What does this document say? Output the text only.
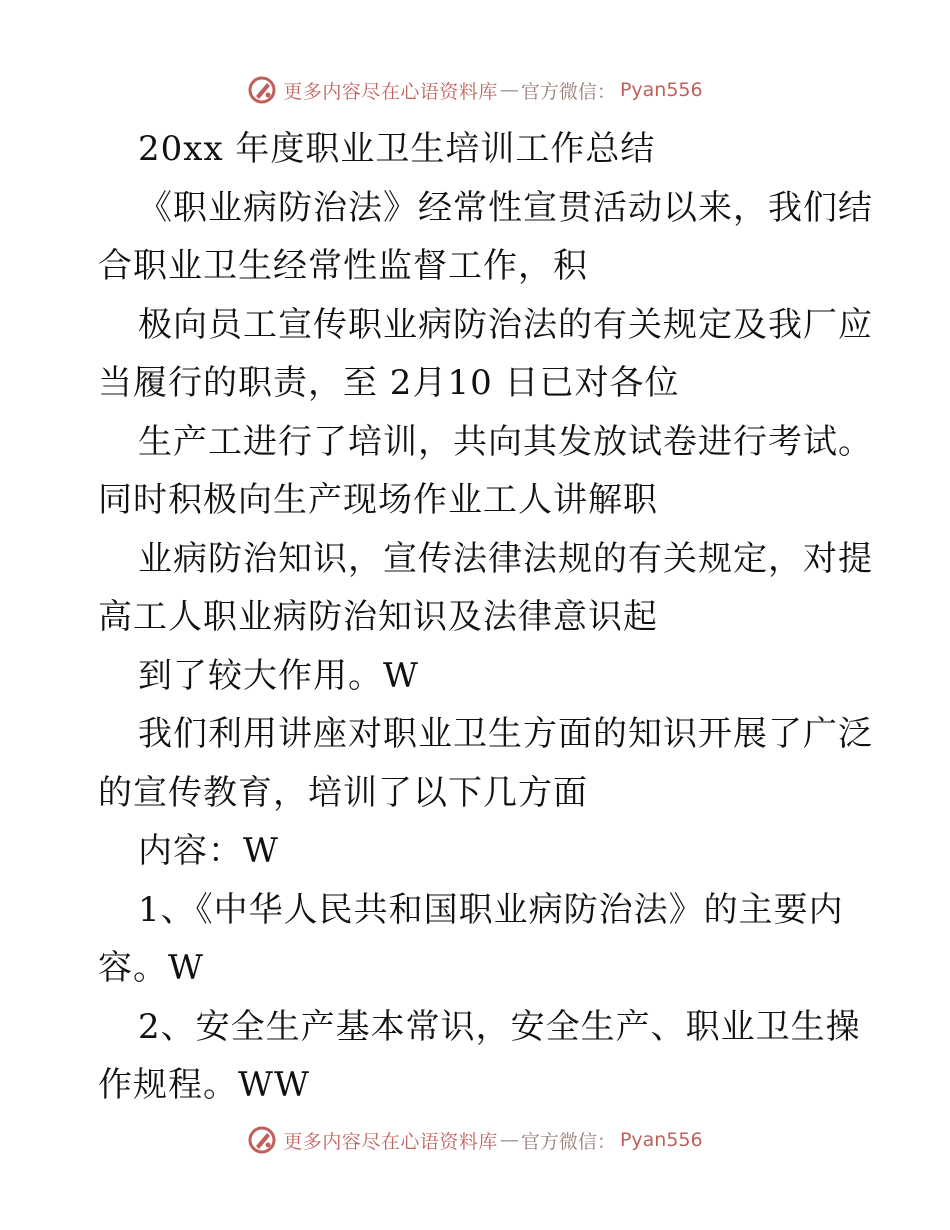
更多内容尽在心语资料库 — 官方微信： Pyan556
20xx 年度职业卫生培训工作总结
《职业病防治法》经常性宣贯活动以来，我们结
合职业卫生经常性监督工作，积
极向员工宣传职业病防治法的有关规定及我厂应
当履行的职责，至 2月10 日已对各位
生产工进行了培训，共向其发放试卷进行考试。
同时积极向生产现场作业工人讲解职
业病防治知识，宣传法律法规的有关规定，对提
高工人职业病防治知识及法律意识起
到了较大作用。W
我们利用讲座对职业卫生方面的知识开展了广泛
的宣传教育，培训了以下几方面
内容：W
1、《中华人民共和国职业病防治法》的主要内
容。W
2、安全生产基本常识，安全生产、职业卫生操
作规程。WW
更多内容尽在心语资料库 — 官方微信： Pyan556
